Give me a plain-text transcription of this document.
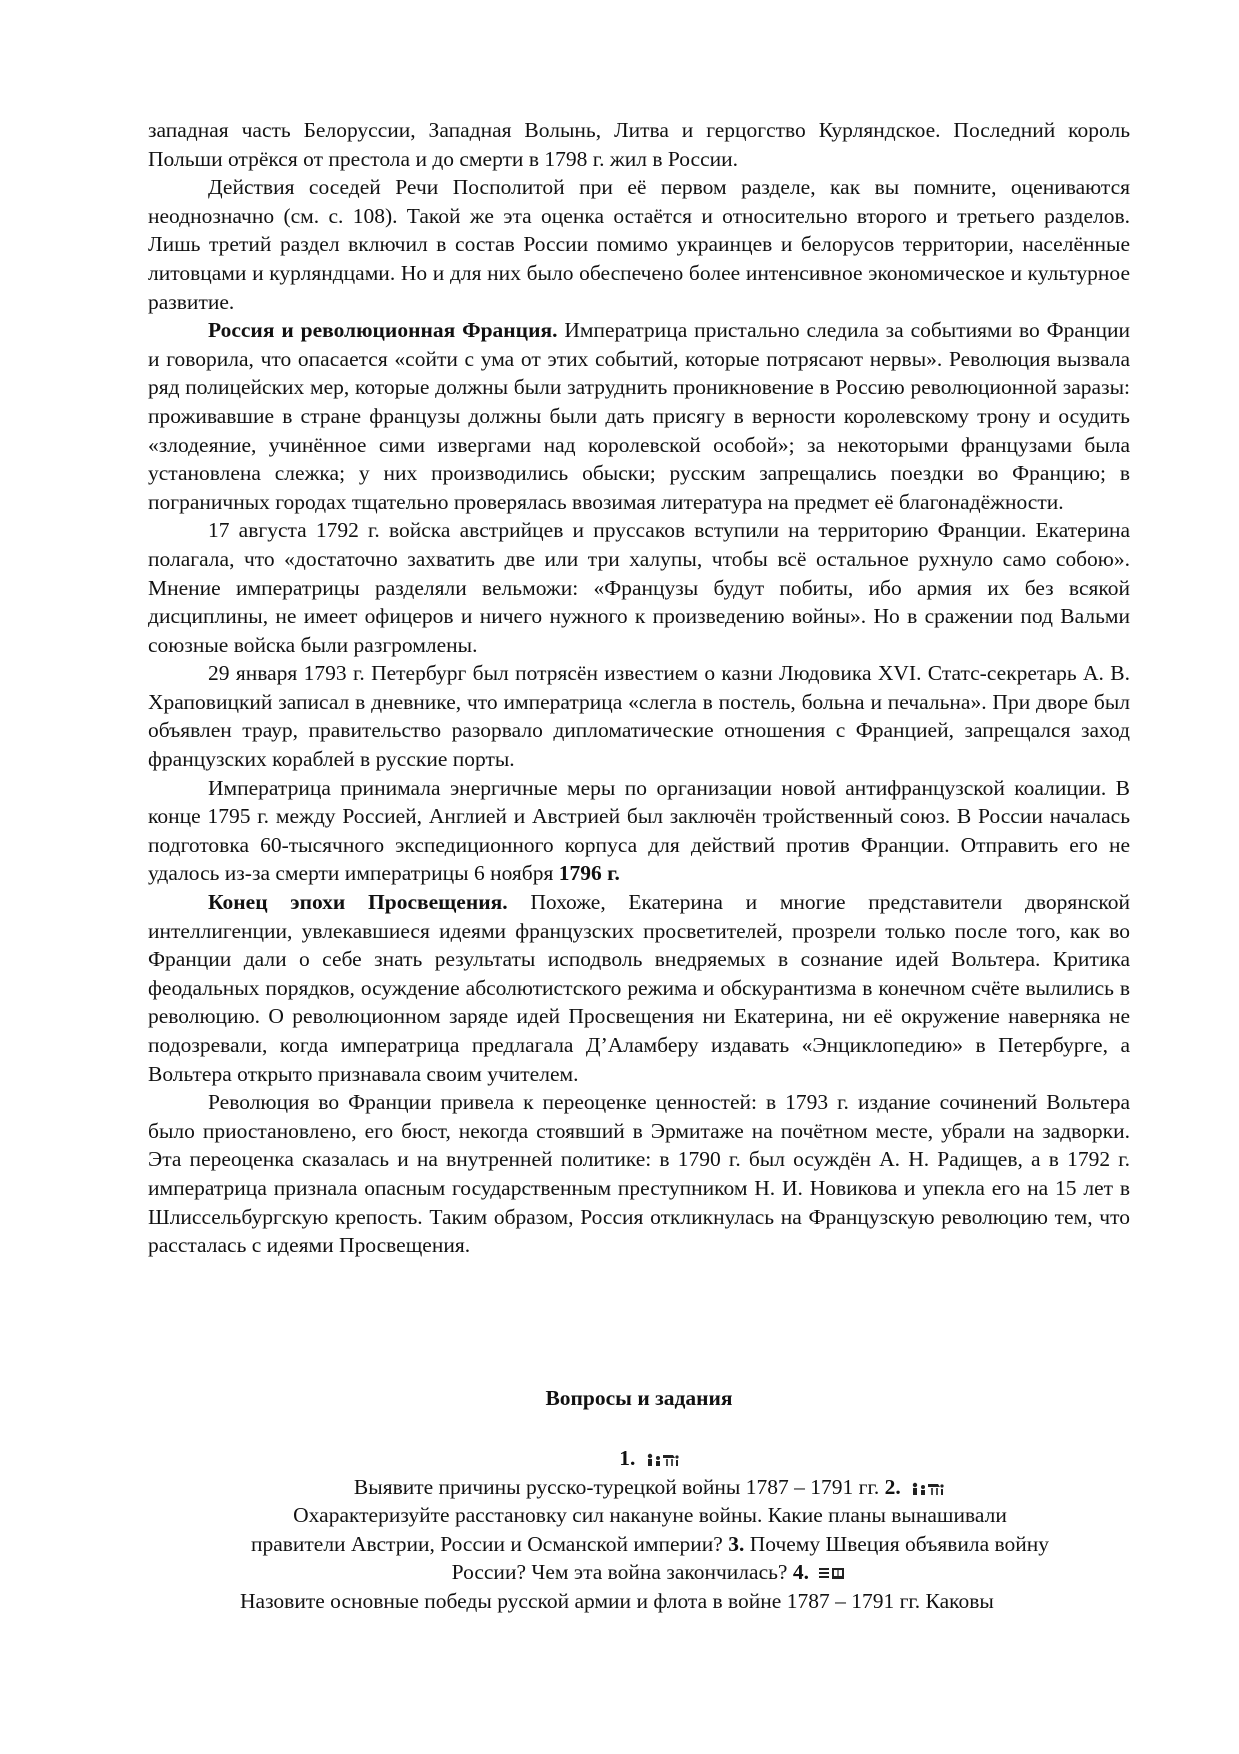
западная часть Белоруссии, Западная Волынь, Литва и герцогство Курляндское. Последний король Польши отрёкся от престола и до смерти в 1798 г. жил в России.

Действия соседей Речи Посполитой при её первом разделе, как вы помните, оцениваются неоднозначно (см. с. 108). Такой же эта оценка остаётся и относительно второго и третьего разделов. Лишь третий раздел включил в состав России помимо украинцев и белорусов территории, населённые литовцами и курляндцами. Но и для них было обеспечено более интенсивное экономическое и культурное развитие.

Россия и революционная Франция. Императрица пристально следила за событиями во Франции и говорила, что опасается «сойти с ума от этих событий, которые потрясают нервы». Революция вызвала ряд полицейских мер, которые должны были затруднить проникновение в Россию революционной заразы: проживавшие в стране французы должны были дать присягу в верности королевскому трону и осудить «злодеяние, учинённое сими извергами над королевской особой»; за некоторыми французами была установлена слежка; у них производились обыски; русским запрещались поездки во Францию; в пограничных городах тщательно проверялась ввозимая литература на предмет её благонадёжности.

17 августа 1792 г. войска австрийцев и пруссаков вступили на территорию Франции. Екатерина полагала, что «достаточно захватить две или три халупы, чтобы всё остальное рухнуло само собою». Мнение императрицы разделяли вельможи: «Французы будут побиты, ибо армия их без всякой дисциплины, не имеет офицеров и ничего нужного к произведению войны». Но в сражении под Вальми союзные войска были разгромлены.

29 января 1793 г. Петербург был потрясён известием о казни Людовика XVI. Статс-секретарь А. В. Храповицкий записал в дневнике, что императрица «слегла в постель, больна и печальна». При дворе был объявлен траур, правительство разорвало дипломатические отношения с Францией, запрещался заход французских кораблей в русские порты.

Императрица принимала энергичные меры по организации новой антифранцузской коалиции. В конце 1795 г. между Россией, Англией и Австрией был заключён тройственный союз. В России началась подготовка 60-тысячного экспедиционного корпуса для действий против Франции. Отправить его не удалось из-за смерти императрицы 6 ноября 1796 г.

Конец эпохи Просвещения. Похоже, Екатерина и многие представители дворянской интеллигенции, увлекавшиеся идеями французских просветителей, прозрели только после того, как во Франции дали о себе знать результаты исподволь внедряемых в сознание идей Вольтера. Критика феодальных порядков, осуждение абсолютистского режима и обскурантизма в конечном счёте вылились в революцию. О революционном заряде идей Просвещения ни Екатерина, ни её окружение наверняка не подозревали, когда императрица предлагала Д’Аламберу издавать «Энциклопедию» в Петербурге, а Вольтера открыто признавала своим учителем.

Революция во Франции привела к переоценке ценностей: в 1793 г. издание сочинений Вольтера было приостановлено, его бюст, некогда стоявший в Эрмитаже на почётном месте, убрали на задворки. Эта переоценка сказалась и на внутренней политике: в 1790 г. был осуждён А. Н. Радищев, а в 1792 г. императрица признала опасным государственным преступником Н. И. Новикова и упекла его на 15 лет в Шлиссельбургскую крепость. Таким образом, Россия откликнулась на Французскую революцию тем, что рассталась с идеями Просвещения.

Вопросы и задания
1.
Выявите причины русско-турецкой войны 1787 – 1791 гг. 2.
Охарактеризуйте расстановку сил накануне войны. Какие планы вынашивали
правители Австрии, России и Османской империи? 3. Почему Швеция объявила войну
России? Чем эта война закончилась? 4.
Назовите основные победы русской армии и флота в войне 1787 – 1791 гг. Каковы
